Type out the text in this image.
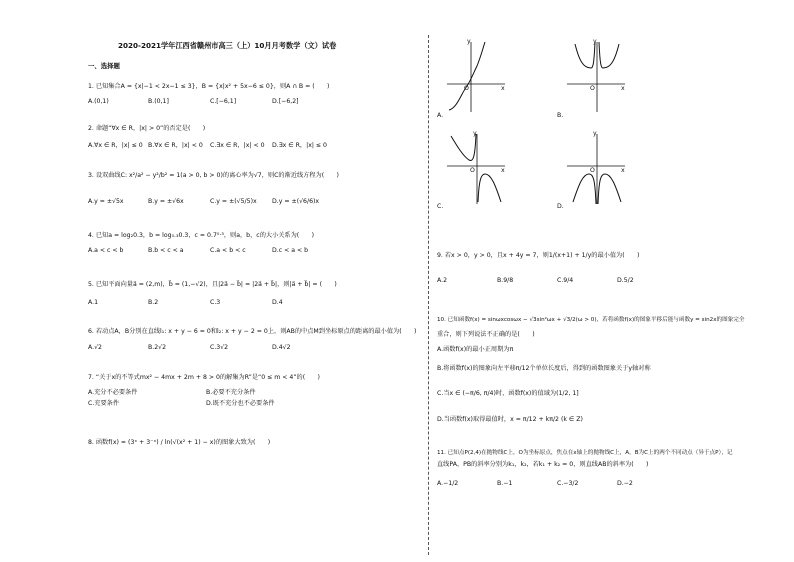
2020-2021学年江西省赣州市高三（上）10月月考数学（文）试卷
一、选择题
1. 已知集合A = {x|−1 < 2x−1 ≤ 3}，B = {x|x² + 5x−6 ≤ 0}，则A ∩ B = (　　)
A.(0,1)	B.(0,1]	C.[−6,1]	D.[−6,2]
2. 命题“∀x ∈ R，|x| > 0”的否定是(　　)
A.∀x ∈ R，|x| ≤ 0 B.∀x ∈ R，|x| < 0 C.∃x ∈ R，|x| < 0 D.∃x ∈ R，|x| ≤ 0
3. 设双曲线C: x²/a² − y²/b² = 1(a > 0, b > 0)的离心率为√7，则C的渐近线方程为(　　)
A.y = ±√5x	B.y = ±√6x	C.y = ±(√5/5)x D.y = ±(√6/6)x
4. 已知a = log₂0.3，b = log₀.₃0.3，c = 0.7⁰·³，则a，b，c的大小关系为(　　)
A.a < c < b	B.b < c < a	C.a < b < c	D.c < a < b
5. 已知平面向量a⃗ = (2,m)，b⃗ = (1,−√2)，且|2a⃗ − b⃗| = |2a⃗ + b⃗|，则|a⃗ + b⃗| = (　　)
A.1	B.2	C.3	D.4
6. 若动点A，B分别在直线l₁: x + y − 6 = 0和l₂: x + y − 2 = 0上，则AB的中点M到坐标原点的距离的最小值为(　　)
A.√2	B.2√2	C.3√2	D.4√2
7. “关于x的不等式mx² − 4mx + 2m + 8 > 0的解集为R”是“0 ≤ m < 4”的(　　)
A.充分不必要条件	B.必要不充分条件
C.充要条件	D.既不充分也不必要条件
8. 函数f(x) = (3ˣ + 3⁻ˣ) / ln(√(x² + 1) − x)的图象大致为(　　)
y
x
O
A.
y
x
O
B.
y
x
O
C.
y
x
O
D.
9. 若x > 0，y > 0，且x + 4y = 7，则1/(x+1) + 1/y的最小值为(　　)
A.2	B.9/8	C.9/4	D.5/2
10. 已知函数f(x) = sinωxcosωx − √3sin²ωx + √3/2(ω > 0)，若将函数f(x)的图象平移后能与函数y = sin2x的图象完全
重合，则下列说法不正确的是(　　)
A.函数f(x)的最小正周期为π
B.将函数f(x)的图象向左平移π/12个单位长度后，得到的函数图象关于y轴对称
C.当x ∈ (−π/6, π/4)时，函数f(x)的值域为(1/2, 1]
D.当函数f(x)取得最值时，x = π/12 + kπ/2 (k ∈ Z)
11. 已知点P(2,4)在抛物线C上，O为坐标原点，焦点在x轴上的抛物线C上，A，B为C上的两个不同动点（异于点P），记
直线PA，PB的斜率分别为k₁，k₂，若k₁ + k₂ = 0，则直线AB的斜率为(　　)
A.−1/2	B.−1	C.−3/2	D.−2
